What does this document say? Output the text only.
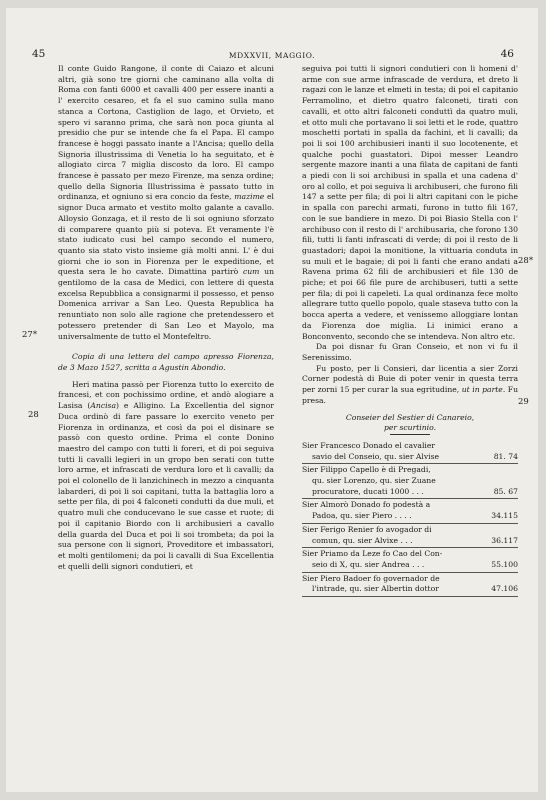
45	MDXXVII, MAGGIO.	46
27*
28
28*
29

Il conte Guido Rangone, il conte di Caiazo et alcuni altri, già sono tre giorni che caminano alla volta di Roma con fanti 6000 et cavalli 400 per essere inanti a l' exercito cesareo, et fa el suo camino sulla mano stanca a Cortona, Castiglion de lago, et Orvieto, et spero vi saranno prima, che sarà non poca giunta al presidio che pur se intende che fa el Papa. El campo francese è hoggi passato inante a l'Ancisa; quello della Signoria illustrissima di Venetia lo ha seguitato, et è allogiato circa 7 miglia discosto da loro. El campo francese è passato per mezo Firenze, ma senza ordine; quello della Signoria Illustrissima è passato tutto in ordinanza, et ogniuno si era concio da feste, mazime el signor Duca armato et vestito molto galante a cavallo. Alloysio Gonzaga, et il resto de li soi ogniuno sforzato di comparere quanto più si poteva. Et veramente l'è stato iudicato cusi bel campo secondo el numero, quanto sia stato visto insieme già molti anni. L' è dui giorni che io son in Fiorenza per le expeditione, et questa sera le ho cavate. Dimattina partirò cum un gentilomo de la casa de Medici, con lettere di questa excelsa Repubblica a consignarmi il possesso, et penso Domenica arrivar a San Leo. Questa Republica ha renuntiato non solo alle ragione che pretendessero et potessero pretender di San Leo et Mayolo, ma universalmente de tutto el Montefeltro.

Copia di una lettera del campo apresso Fiorenza, de 3 Mazo 1527, scritta a Agustin Abondio.

Heri matina passò per Fiorenza tutto lo exercito de francesi, et con pochissimo ordine, et andò alogiare a Lasisa (Ancisa) e Alligino. La Excellentia del signor Duca ordinò di fare passare lo exercito veneto per Fiorenza in ordinanza, et così da poi el disinare se passò con questo ordine. Prima el conte Donino maestro del campo con tutti li foreri, et di poi seguiva tutti li cavalli legieri in un gropo ben serati con tutte loro arme, et infrascati de verdura loro et li cavalli; da poi el colonello de li lanzichinech in mezzo a cinquanta labarderi, di poi li soi capitani, tutta la battaglia loro a sette per fila, di poi 4 falconeti condutti da due muli, et quatro muli che conducevano le sue casse et ruote; di poi il capitanio Biordo con li archibusieri a cavallo della guarda del Duca et poi li soi trombeta; da poi la sua persone con li signori, Proveditore et imbassatori, et molti gentilomeni; da poi li cavalli di Sua Excellentia et quelli delli signori condutieri, et

seguiva poi tutti li signori condutieri con li homeni d' arme con sue arme infrascade de verdura, et dreto li ragazi con le lanze et elmeti in testa; di poi el capitanio Ferramolino, et dietro quatro falconeti, tirati con cavalli, et otto altri falconeti conduttì da quatro muli, et otto muli che portavano li soi letti et le rode, quattro moschetti portati in spalla da fachini, et li cavalli; da poi li soi 100 archibusieri inanti il suo locotenente, et qualche pochi guastatori. Dipoi messer Leandro sergente mazore inanti a una filata de capitani de fanti a piedi con li soi archibusi in spalla et una cadena d' oro al collo, et poi seguiva li archibuseri, che furono fili 147 a sette per fila; di poi li altri capitani con le piche in spalla con parechi armati, furono in tutto fili 167, con le sue bandiere in mezo. Di poi Biasio Stella con l' archibuso con il resto di l' archibusaria, che forono 130 fili, tutti li fanti infrascati di verde; di poi il resto de li guastadori; dapoi la monitione, la vittuaria conduta in su muli et le bagaie; di poi li fanti che erano andati a Ravena prima 62 fili de archibusieri et file 130 de piche; et poi 66 file pure de archibuseri, tutti a sette per fila; di poi li capeleti. La qual ordinanza fece molto allegrare tutto quello popolo, quale staseva tutto con la bocca aperta a vedere, et venissemo alloggiare lontan da Fiorenza doe miglia. Li inimici erano a Bonconvento, secondo che se intendeva. Non altro etc.

Da poi disnar fu Gran Conseio, et non vi fu il Serenissimo.

Fu posto, per li Consieri, dar licentia a sier Zorzi Corner podestà di Buie di poter venir in questa terra per zorni 15 per curar la sua egritudine, ut in parte. Fu presa.

Conseier del Sestier di Canareio,
per scurtinio.
Sier Francesco Donado el cavalier
savio del Conseio, qu. sier Alvise	81. 74
Sier Filippo Capello è di Pregadi,
qu. sier Lorenzo, qu. sier Zuane
procuratore, ducati 1000 . . .	85. 67
Sier Almorò Donado fo podestà a
Padoa, qu. sier Piero . . . .	34.115
Sier Ferigo Renier fo avogador di
comun, qu. sier Alvixe . . .	36.117
Sier Priamo da Leze fo Cao del Con-
seio di X, qu. sier Andrea . . .	55.100
Sier Piero Badoer fo governador de
l'intrade, qu. sier Albertin dottor	47.106
